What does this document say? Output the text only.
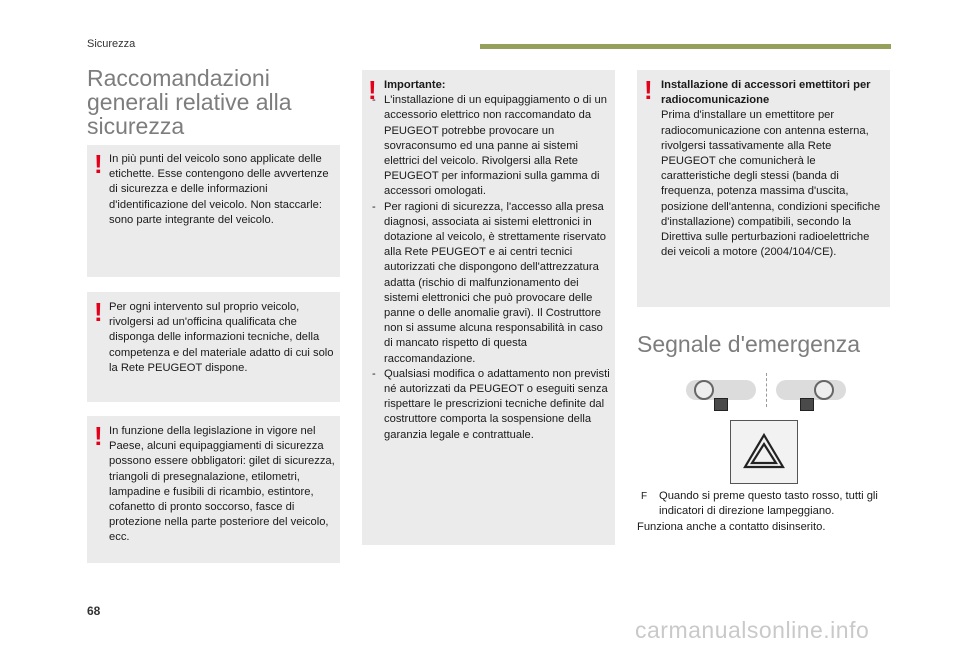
Sicurezza
Raccomandazioni generali relative alla sicurezza
! In più punti del veicolo sono applicate delle etichette. Esse contengono delle avvertenze di sicurezza e delle informazioni d'identificazione del veicolo. Non staccarle: sono parte integrante del veicolo.
! Per ogni intervento sul proprio veicolo, rivolgersi ad un'officina qualificata che disponga delle informazioni tecniche, della competenza e del materiale adatto di cui solo la Rete PEUGEOT dispone.
! In funzione della legislazione in vigore nel Paese, alcuni equipaggiamenti di sicurezza possono essere obbligatori: gilet di sicurezza, triangoli di presegnalazione, etilometri, lampadine e fusibili di ricambio, estintore, cofanetto di pronto soccorso, fasce di protezione nella parte posteriore del veicolo, ecc.
! Importante:

- L'installazione di un equipaggiamento o di un accessorio elettrico non raccomandato da PEUGEOT potrebbe provocare un sovraconsumo ed una panne ai sistemi elettrici del veicolo. Rivolgersi alla Rete PEUGEOT per informazioni sulla gamma di accessori omologati.
- Per ragioni di sicurezza, l'accesso alla presa diagnosi, associata ai sistemi elettronici in dotazione al veicolo, è strettamente riservato alla Rete PEUGEOT e ai centri tecnici autorizzati che dispongono dell'attrezzatura adatta (rischio di malfunzionamento dei sistemi elettronici che può provocare delle panne o delle anomalie gravi). Il Costruttore non si assume alcuna responsabilità in caso di mancato rispetto di questa raccomandazione.
- Qualsiasi modifica o adattamento non previsti né autorizzati da PEUGEOT o eseguiti senza rispettare le prescrizioni tecniche definite dal costruttore comporta la sospensione della garanzia legale e contrattuale.
! Installazione di accessori emettitori per radiocomunicazione

Prima d'installare un emettitore per radiocomunicazione con antenna esterna, rivolgersi tassativamente alla Rete PEUGEOT che comunicherà le caratteristiche degli stessi (banda di frequenza, potenza massima d'uscita, posizione dell'antenna, condizioni specifiche d'installazione) compatibili, secondo la Direttiva sulle perturbazioni radioelettriche dei veicoli a motore (2004/104/CE).

Segnale d'emergenza
F	Quando si preme questo tasto rosso, tutti gli indicatori di direzione lampeggiano.
Funziona anche a contatto disinserito.
68
carmanualsonline.info
